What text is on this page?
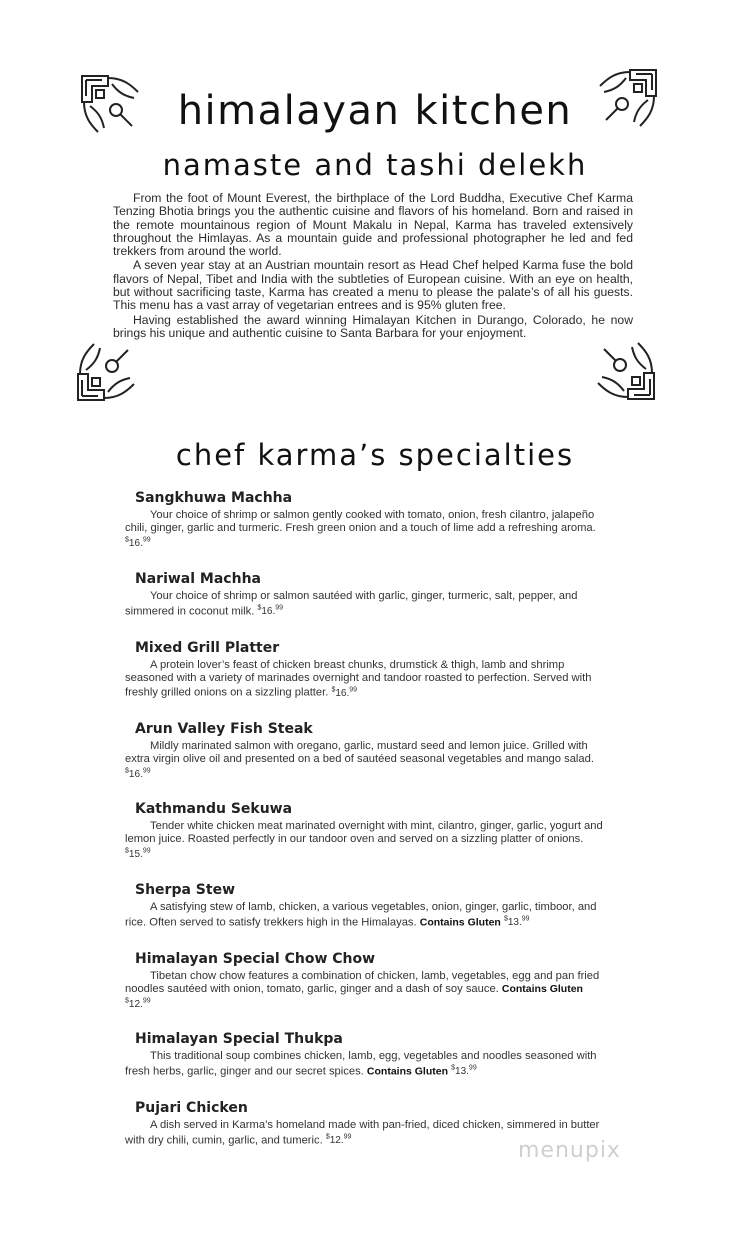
himalayan kitchen
namaste and tashi delekh

From the foot of Mount Everest, the birthplace of the Lord Buddha, Executive Chef Karma Tenzing Bhotia brings you the authentic cuisine and flavors of his homeland. Born and raised in the remote mountainous region of Mount Makalu in Nepal, Karma has traveled extensively throughout the Himlayas. As a mountain guide and professional photographer he led and fed trekkers from around the world.

A seven year stay at an Austrian mountain resort as Head Chef helped Karma fuse the bold flavors of Nepal, Tibet and India with the subtleties of European cuisine. With an eye on health, but without sacrificing taste, Karma has created a menu to please the palate’s of all his guests. This menu has a vast array of vegetarian entrees and is 95% gluten free.

Having established the award winning Himalayan Kitchen in Durango, Colorado, he now brings his unique and authentic cuisine to Santa Barbara for your enjoyment.

chef karma’s specialties
Sangkhuwa Machha
Your choice of shrimp or salmon gently cooked with tomato, onion, fresh cilantro, jalapeño chili, ginger, garlic and turmeric. Fresh green onion and a touch of lime add a refreshing aroma. $16.99
Nariwal Machha
Your choice of shrimp or salmon sautéed with garlic, ginger, turmeric, salt, pepper, and simmered in coconut milk. $16.99
Mixed Grill Platter
A protein lover’s feast of chicken breast chunks, drumstick & thigh, lamb and shrimp seasoned with a variety of marinades overnight and tandoor roasted to perfection. Served with freshly grilled onions on a sizzling platter. $16.99
Arun Valley Fish Steak
Mildly marinated salmon with oregano, garlic, mustard seed and lemon juice. Grilled with extra virgin olive oil and presented on a bed of sautéed seasonal vegetables and mango salad. $16.99
Kathmandu Sekuwa
Tender white chicken meat marinated overnight with mint, cilantro, ginger, garlic, yogurt and lemon juice. Roasted perfectly in our tandoor oven and served on a sizzling platter of onions. $15.99
Sherpa Stew
A satisfying stew of lamb, chicken, a various vegetables, onion, ginger, garlic, timboor, and rice. Often served to satisfy trekkers high in the Himalayas. Contains Gluten $13.99
Himalayan Special Chow Chow
Tibetan chow chow features a combination of chicken, lamb, vegetables, egg and pan fried noodles sautéed with onion, tomato, garlic, ginger and a dash of soy sauce. Contains Gluten $12.99
Himalayan Special Thukpa
This traditional soup combines chicken, lamb, egg, vegetables and noodles seasoned with fresh herbs, garlic, ginger and our secret spices. Contains Gluten $13.99
Pujari Chicken
A dish served in Karma’s homeland made with pan-fried, diced chicken, simmered in butter with dry chili, cumin, garlic, and tumeric. $12.99
menupix
